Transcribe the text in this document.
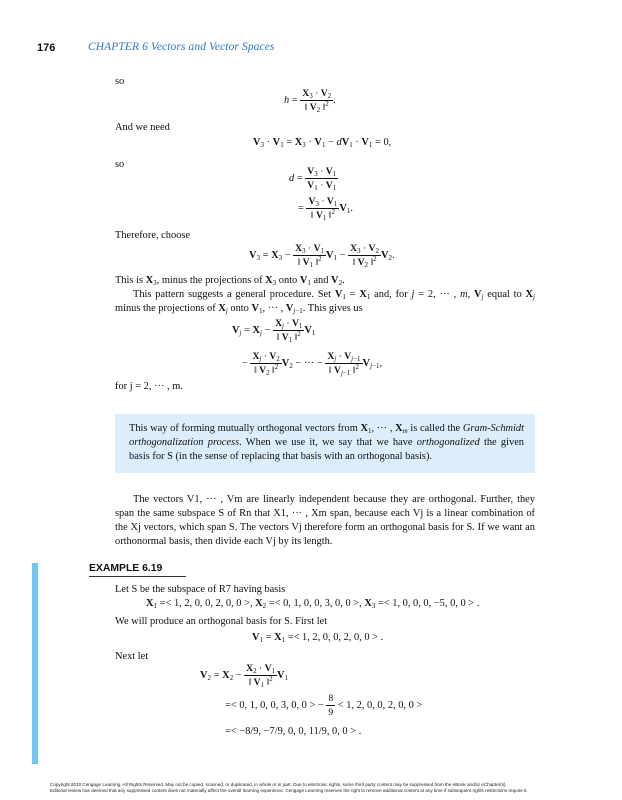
176	CHAPTER 6 Vectors and Vector Spaces
so
$h = \frac{X_3 \cdot V_2}{‖ V_2 ‖^2}$ .
And we need
$V_3 \cdot V_1 = X_3 \cdot V_1 - dV_1 \cdot V_1 = 0$,
so
$d = \frac{V_3 \cdot V_1}{V_1 \cdot V_1}$
= $\frac{V_3 \cdot V_1}{‖ V_1 ‖^2} V_1$.
Therefore, choose
$V_3 = X_3 - \frac{X_3 \cdot V_1}{‖ V_1 ‖^2} V_1 - \frac{X_3 \cdot V_2}{‖ V_2 ‖^2} V_2$.
This is $X_3$, minus the projections of $X_3$ onto $V_1$ and $V_2$.
This pattern suggests a general procedure. Set $V_1 = X_1$ and, for j = 2, ··· , m, $V_j$ equal to $X_j$ minus the projections of $X_j$ onto $V_1$, ··· , $V_{j-1}$. This gives us
$V_j = X_j - \frac{X_j \cdot V_1}{‖ V_1 ‖^2} V_1$
− $\frac{X_j \cdot V_2}{‖ V_2 ‖^2} V_2$ − ··· − $\frac{X_j \cdot V_{j-1}}{‖ V_{j-1} ‖^2} V_{j-1}$,
for j = 2, ··· , m.
This way of forming mutually orthogonal vectors from $X_1$, ··· , $X_m$ is called the Gram-Schmidt orthogonalization process. When we use it, we say that we have orthogonalized the given basis for S (in the sense of replacing that basis with an orthogonal basis).
The vectors V1, ··· , Vm are linearly independent because they are orthogonal. Further, they span the same subspace S of Rn that X1, ··· , Xm span, because each Vj is a linear combination of the Xj vectors, which span S. The vectors Vj therefore form an orthogonal basis for S. If we want an orthonormal basis, then divide each Vj by its length.
EXAMPLE 6.19
Let S be the subspace of R7 having basis
$X_1 =< 1$, 2, 0, 0, 2, 0, 0 >, $X_2 =< 0$, 1, 0, 0, 3, 0, 0 >, $X_3 =< 1$, 0, 0, 0, −5, 0, 0 > .
We will produce an orthogonal basis for S. First let
$V_1 = X_1 =< 1$, 2, 0, 0, 2, 0, 0 > .
Next let
$V_2 = X_2 - \frac{X_2 \cdot V_1}{‖ V_1 ‖^2} V_1$
=< 0, 1, 0, 0, 3, 0, 0 > − $\frac{8}{9} < 1$, 2, 0, 0, 2, 0, 0 >
=< −8/9, −7/9, 0, 0, 11/9, 0, 0 > .
Copyright 2010 Cengage Learning. All Rights Reserved. May not be copied, scanned, or duplicated, in whole or in part. Due to electronic rights, some third party content may be suppressed from the eBook and/or eChapter(s).
Editorial review has deemed that any suppressed content does not materially affect the overall learning experience. Cengage Learning reserves the right to remove additional content at any time if subsequent rights restrictions require it.
